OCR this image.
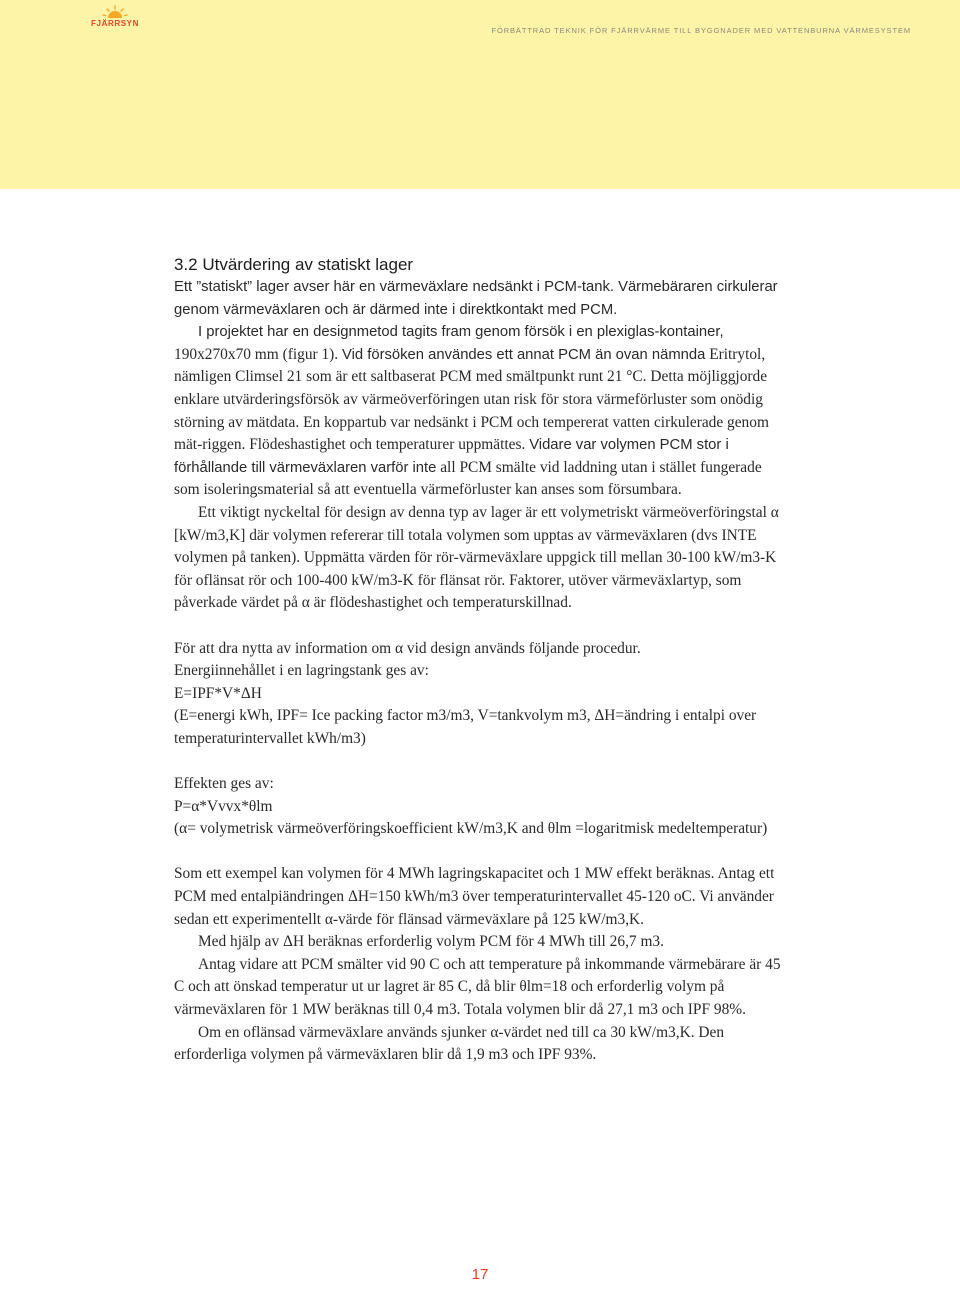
FJÄRRSYN
FÖRBÄTTRAD TEKNIK FÖR FJÄRRVÄRME TILL BYGGNADER MED VATTENBURNA VÄRMESYSTEM
3.2 Utvärdering av statiskt lager

Ett ”statiskt” lager avser här en värmeväxlare nedsänkt i PCM-tank. Värmebäraren cirkulerar genom värmeväxlaren och är därmed inte i direktkontakt med PCM.
I projektet har en designmetod tagits fram genom försök i en plexiglas-kontainer, 190x270x70 mm (figur 1). Vid försöken användes ett annat PCM än ovan nämnda Eritrytol, nämligen Climsel 21 som är ett saltbaserat PCM med smältpunkt runt 21 °C. Detta möjliggjorde enklare utvärderingsförsök av värmeöverföringen utan risk för stora värmeförluster som onödig störning av mätdata. En koppartub var nedsänkt i PCM och tempererat vatten cirkulerade genom mät-riggen. Flödeshastighet och temperaturer uppmättes. Vidare var volymen PCM stor i förhållande till värmeväxlaren varför inte all PCM smälte vid laddning utan i stället fungerade som isoleringsmaterial så att eventuella värmeförluster kan anses som försumbara.

Ett viktigt nyckeltal för design av denna typ av lager är ett volymetriskt värmeöverföringstal α [kW/m3,K] där volymen refererar till totala volymen som upptas av värmeväxlaren (dvs INTE volymen på tanken). Uppmätta värden för rör-värmeväxlare uppgick till mellan 30-100 kW/m3-K för oflänsat rör och 100-400 kW/m3-K för flänsat rör. Faktorer, utöver värmeväxlartyp, som påverkade värdet på α är flödeshastighet och temperaturskillnad.

För att dra nytta av information om α vid design används följande procedur.

Energiinnehållet i en lagringstank ges av:

E=IPF*V*ΔH

(E=energi kWh, IPF= Ice packing factor m3/m3, V=tankvolym m3, ΔH=ändring i entalpi over temperaturintervallet kWh/m3)

Effekten ges av:

P=α*Vvvx*θlm

(α= volymetrisk värmeöverföringskoefficient kW/m3,K and θlm =logaritmisk medeltemperatur)

Som ett exempel kan volymen för 4 MWh lagringskapacitet och 1 MW effekt beräknas. Antag ett PCM med entalpiändringen ΔH=150 kWh/m3 över temperaturintervallet 45-120 oC. Vi använder sedan ett experimentellt α-värde för flänsad värmeväxlare på 125 kW/m3,K.

Med hjälp av ΔH beräknas erforderlig volym PCM för 4 MWh till 26,7 m3.

Antag vidare att PCM smälter vid 90 C och att temperature på inkommande värmebärare är 45 C och att önskad temperatur ut ur lagret är 85 C, då blir θlm=18 och erforderlig volym på värmeväxlaren för 1 MW beräknas till 0,4 m3. Totala volymen blir då 27,1 m3 och IPF 98%.

Om en oflänsad värmeväxlare används sjunker α-värdet ned till ca 30 kW/m3,K. Den erforderliga volymen på värmeväxlaren blir då 1,9 m3 och IPF 93%.

17
